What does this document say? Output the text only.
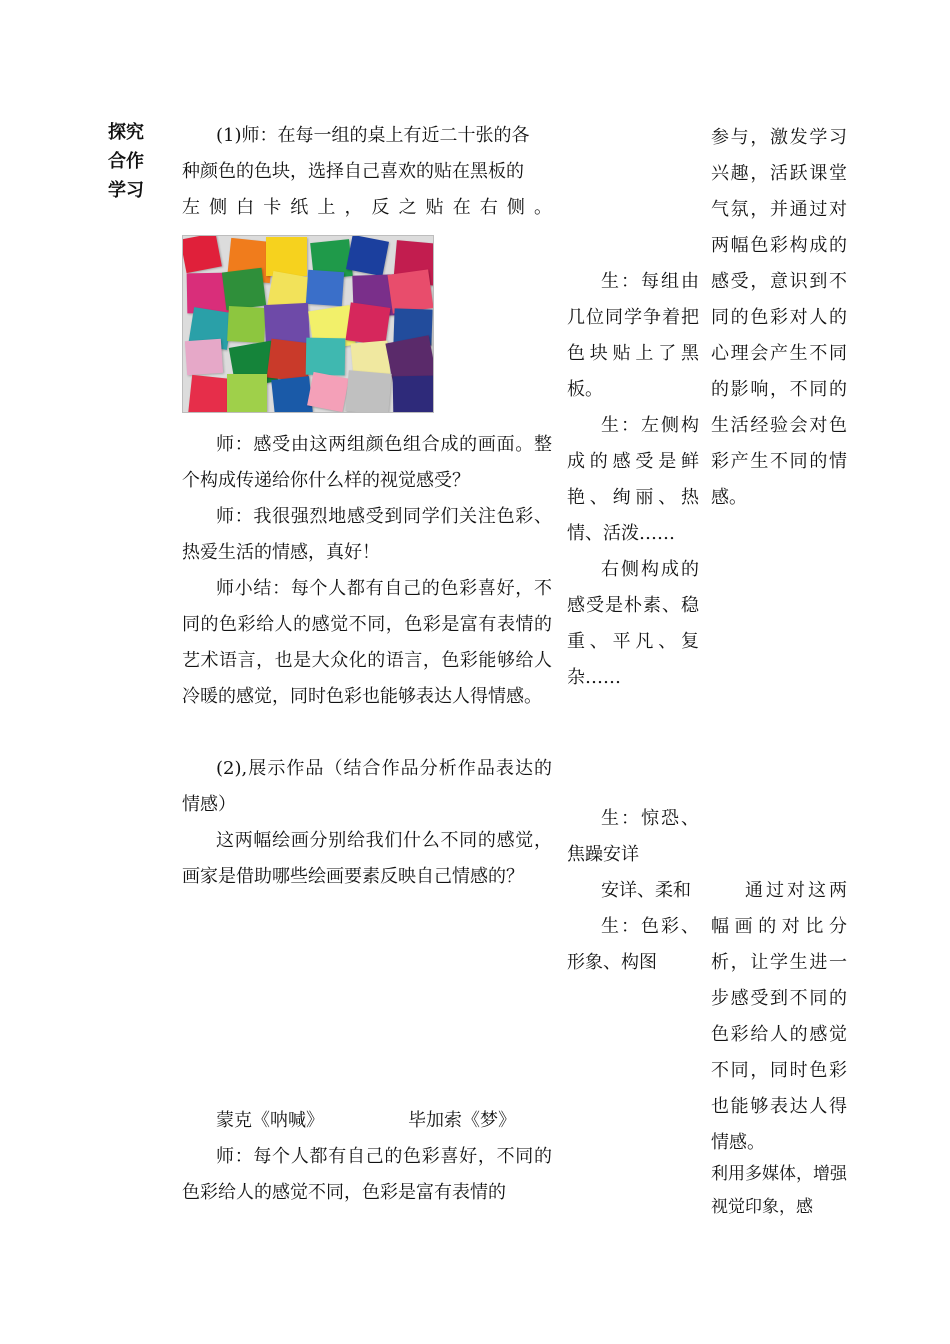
探究
合作
学习
(1)师：在每一组的桌上有近二十张的各
种颜色的色块，选择自己喜欢的贴在黑板的
左 侧 白 卡 纸 上 ， 反 之 贴 在 右 侧 。

师：感受由这两组颜色组合成的画面。整个构成传递给你什么样的视觉感受？

师：我很强烈地感受到同学们关注色彩、热爱生活的情感，真好！

师小结：每个人都有自己的色彩喜好，不同的色彩给人的感觉不同，色彩是富有表情的艺术语言，也是大众化的语言，色彩能够给人冷暖的感觉，同时色彩也能够表达人得情感。

(2),展示作品（结合作品分析作品表达的情感）

这两幅绘画分别给我们什么不同的感觉，画家是借助哪些绘画要素反映自己情感的？

蒙克《呐喊》	毕加索《梦》

师：每个人都有自己的色彩喜好，不同的色彩给人的感觉不同，色彩是富有表情的

生：每组由几位同学争着把色块贴上了黑板。

生：左侧构成的感受是鲜艳、绚丽、热情、活泼……

右侧构成的感受是朴素、稳重、平凡、复杂……

生：惊恐、焦躁安详

安详、柔和

生：色彩、形象、构图

参与，激发学习兴趣，活跃课堂气氛，并通过对两幅色彩构成的感受，意识到不同的色彩对人的心理会产生不同的影响，不同的生活经验会对色彩产生不同的情感。

通过对这两幅画的对比分析，让学生进一步感受到不同的色彩给人的感觉不同，同时色彩也能够表达人得情感。

利用多媒体，增强视觉印象，感
